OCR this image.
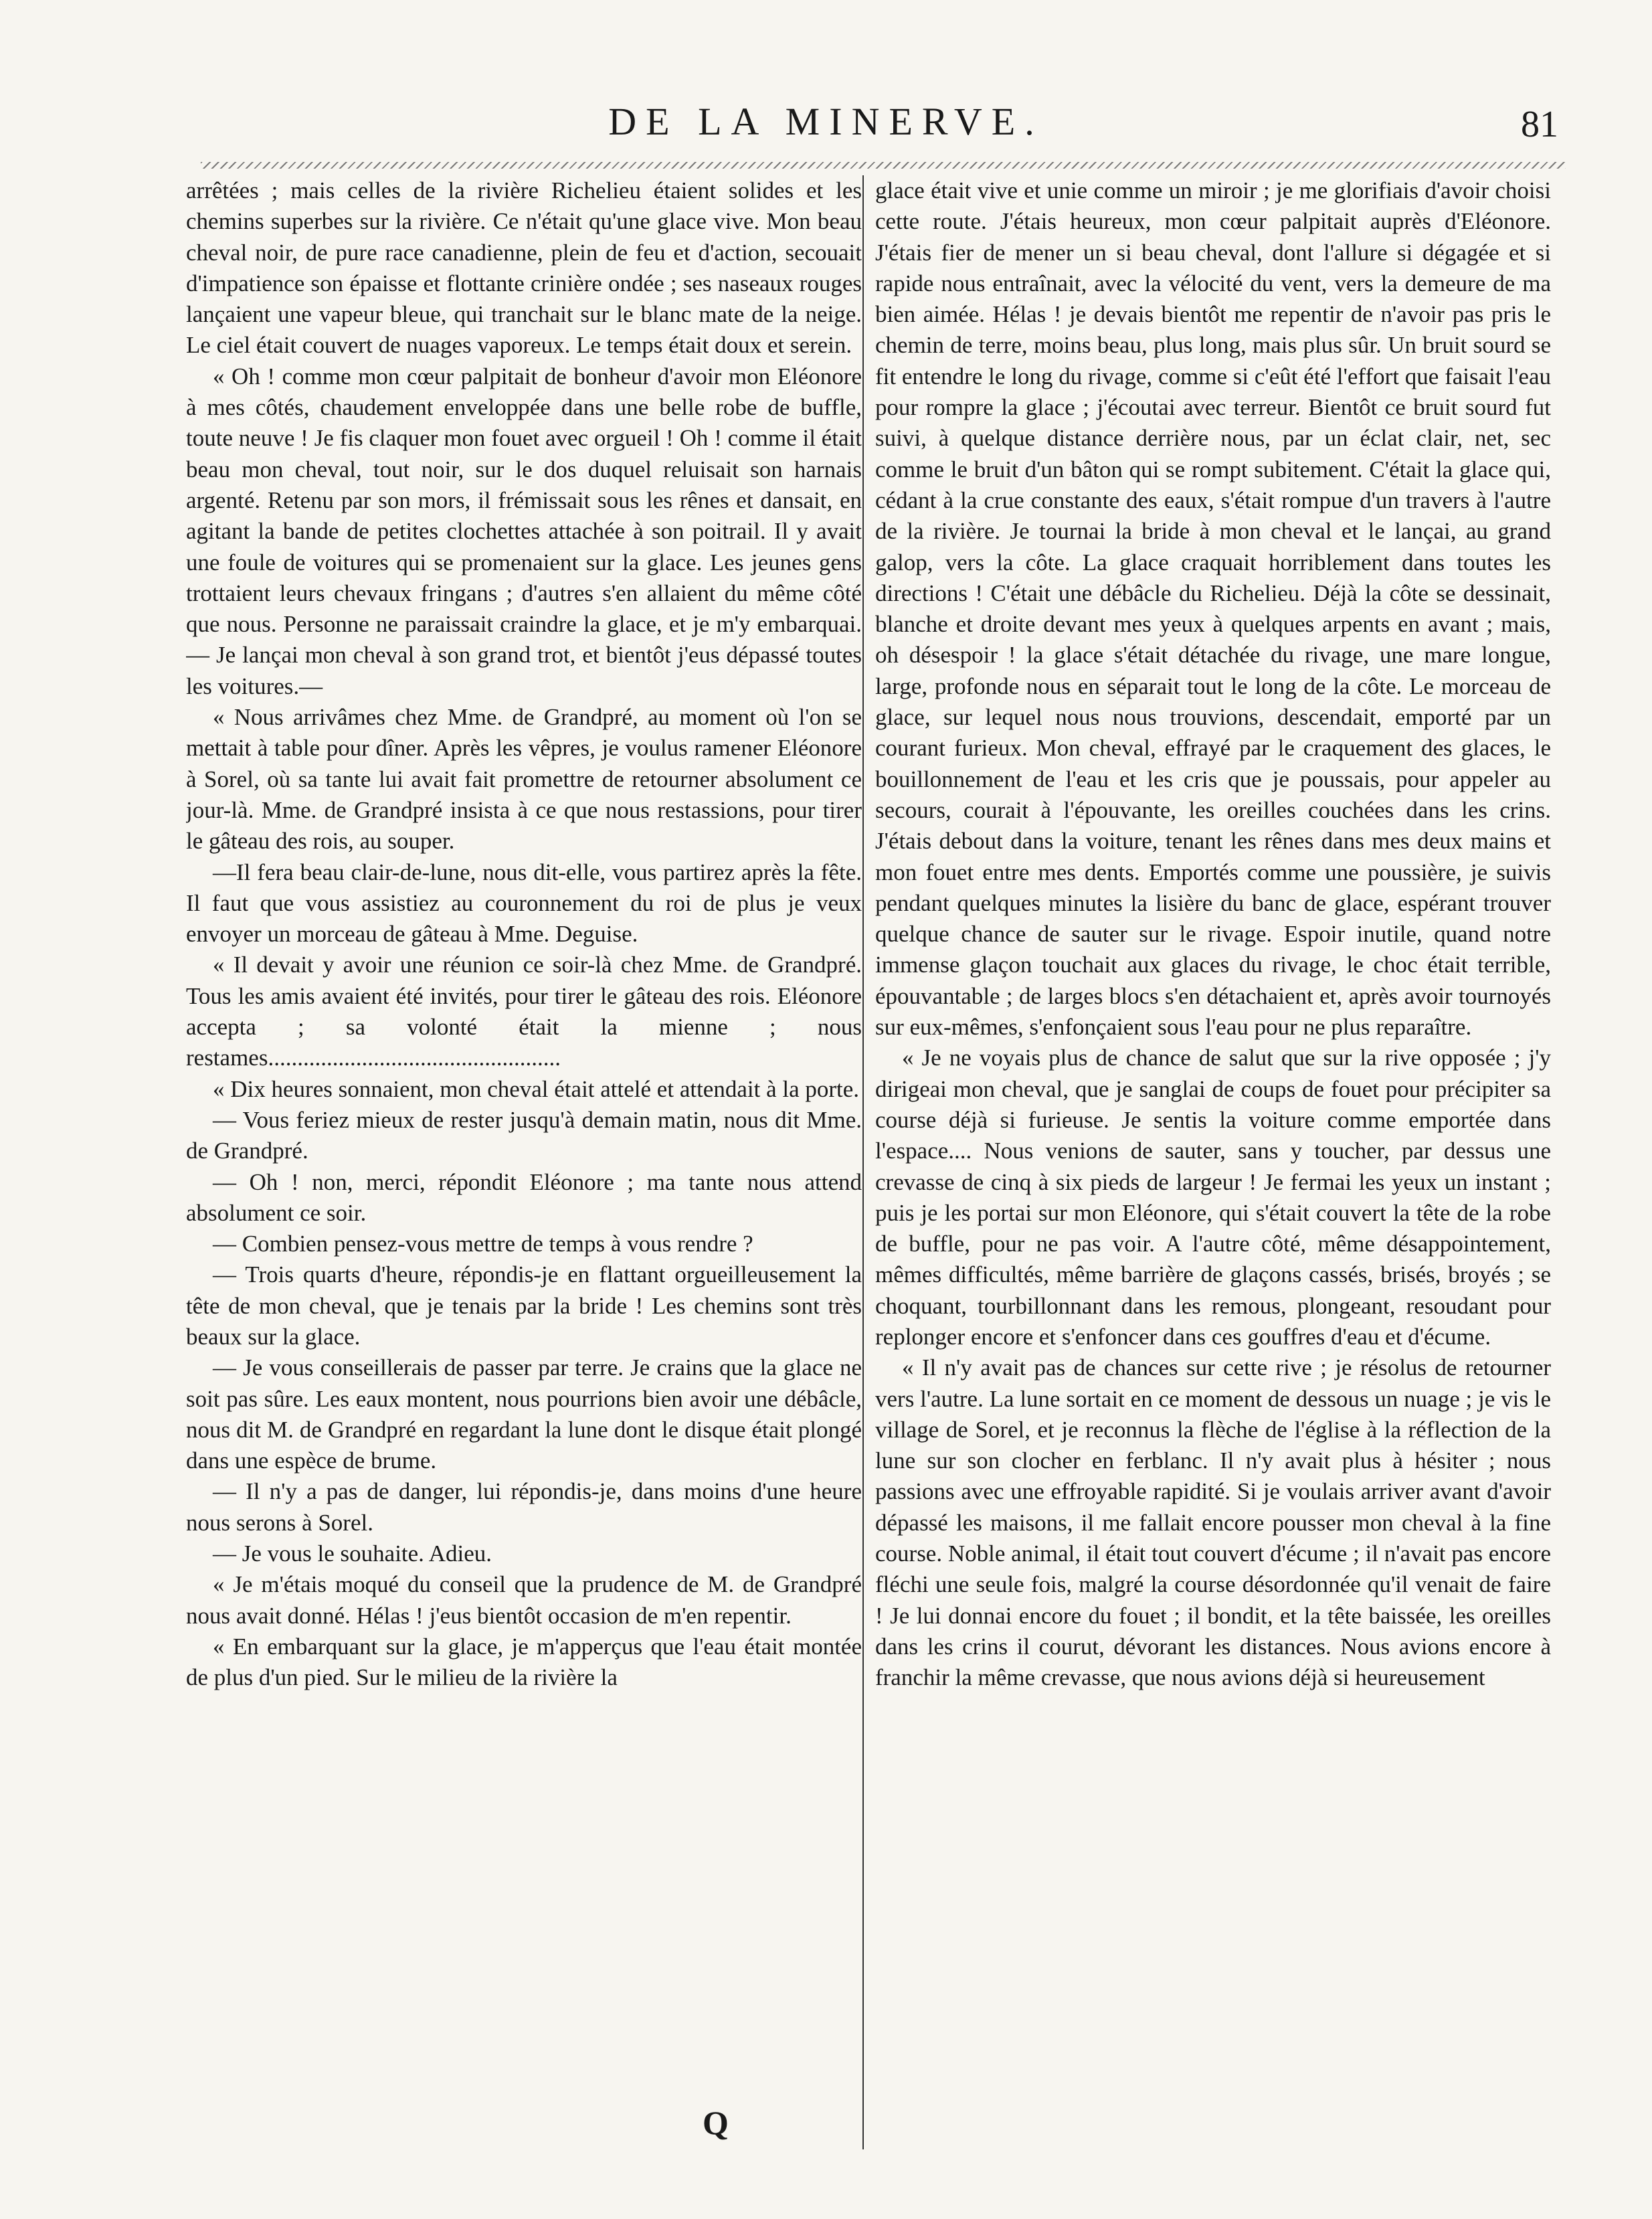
DE LA MINERVE.	81

arrêtées ; mais celles de la rivière Richelieu étaient solides et les chemins superbes sur la rivière. Ce n'était qu'une glace vive. Mon beau cheval noir, de pure race canadienne, plein de feu et d'action, secouait d'impatience son épaisse et flottante crinière ondée ; ses naseaux rouges lançaient une vapeur bleue, qui tranchait sur le blanc mate de la neige. Le ciel était couvert de nuages vaporeux. Le temps était doux et serein.

« Oh ! comme mon cœur palpitait de bonheur d'avoir mon Eléonore à mes côtés, chaudement enveloppée dans une belle robe de buffle, toute neuve ! Je fis claquer mon fouet avec orgueil ! Oh ! comme il était beau mon cheval, tout noir, sur le dos duquel reluisait son harnais argenté. Retenu par son mors, il frémissait sous les rênes et dansait, en agitant la bande de petites clochettes attachée à son poitrail. Il y avait une foule de voitures qui se promenaient sur la glace. Les jeunes gens trottaient leurs chevaux fringans ; d'autres s'en allaient du même côté que nous. Personne ne paraissait craindre la glace, et je m'y embarquai. — Je lançai mon cheval à son grand trot, et bientôt j'eus dépassé toutes les voitures.—

« Nous arrivâmes chez Mme. de Grandpré, au moment où l'on se mettait à table pour dîner. Après les vêpres, je voulus ramener Eléonore à Sorel, où sa tante lui avait fait promettre de retourner absolument ce jour-là. Mme. de Grandpré insista à ce que nous restassions, pour tirer le gâteau des rois, au souper.

—Il fera beau clair-de-lune, nous dit-elle, vous partirez après la fête. Il faut que vous assistiez au couronnement du roi de plus je veux envoyer un morceau de gâteau à Mme. Deguise.

« Il devait y avoir une réunion ce soir-là chez Mme. de Grandpré. Tous les amis avaient été invités, pour tirer le gâteau des rois. Eléonore accepta ; sa volonté était la mienne ; nous restames..................................................

« Dix heures sonnaient, mon cheval était attelé et attendait à la porte.

— Vous feriez mieux de rester jusqu'à demain matin, nous dit Mme. de Grandpré.

— Oh ! non, merci, répondit Eléonore ; ma tante nous attend absolument ce soir.

— Combien pensez-vous mettre de temps à vous rendre ?

— Trois quarts d'heure, répondis-je en flattant orgueilleusement la tête de mon cheval, que je tenais par la bride ! Les chemins sont très beaux sur la glace.

— Je vous conseillerais de passer par terre. Je crains que la glace ne soit pas sûre. Les eaux montent, nous pourrions bien avoir une débâcle, nous dit M. de Grandpré en regardant la lune dont le disque était plongé dans une espèce de brume.

— Il n'y a pas de danger, lui répondis-je, dans moins d'une heure nous serons à Sorel.

— Je vous le souhaite. Adieu.

« Je m'étais moqué du conseil que la prudence de M. de Grandpré nous avait donné. Hélas ! j'eus bientôt occasion de m'en repentir.

« En embarquant sur la glace, je m'apperçus que l'eau était montée de plus d'un pied. Sur le milieu de la rivière la

glace était vive et unie comme un miroir ; je me glorifiais d'avoir choisi cette route. J'étais heureux, mon cœur palpitait auprès d'Eléonore. J'étais fier de mener un si beau cheval, dont l'allure si dégagée et si rapide nous entraînait, avec la vélocité du vent, vers la demeure de ma bien aimée. Hélas ! je devais bientôt me repentir de n'avoir pas pris le chemin de terre, moins beau, plus long, mais plus sûr. Un bruit sourd se fit entendre le long du rivage, comme si c'eût été l'effort que faisait l'eau pour rompre la glace ; j'écoutai avec terreur. Bientôt ce bruit sourd fut suivi, à quelque distance derrière nous, par un éclat clair, net, sec comme le bruit d'un bâton qui se rompt subitement. C'était la glace qui, cédant à la crue constante des eaux, s'était rompue d'un travers à l'autre de la rivière. Je tournai la bride à mon cheval et le lançai, au grand galop, vers la côte. La glace craquait horriblement dans toutes les directions ! C'était une débâcle du Richelieu. Déjà la côte se dessinait, blanche et droite devant mes yeux à quelques arpents en avant ; mais, oh désespoir ! la glace s'était détachée du rivage, une mare longue, large, profonde nous en séparait tout le long de la côte. Le morceau de glace, sur lequel nous nous trouvions, descendait, emporté par un courant furieux. Mon cheval, effrayé par le craquement des glaces, le bouillonnement de l'eau et les cris que je poussais, pour appeler au secours, courait à l'épouvante, les oreilles couchées dans les crins. J'étais debout dans la voiture, tenant les rênes dans mes deux mains et mon fouet entre mes dents. Emportés comme une poussière, je suivis pendant quelques minutes la lisière du banc de glace, espérant trouver quelque chance de sauter sur le rivage. Espoir inutile, quand notre immense glaçon touchait aux glaces du rivage, le choc était terrible, épouvantable ; de larges blocs s'en détachaient et, après avoir tournoyés sur eux-mêmes, s'enfonçaient sous l'eau pour ne plus reparaître.

« Je ne voyais plus de chance de salut que sur la rive opposée ; j'y dirigeai mon cheval, que je sanglai de coups de fouet pour précipiter sa course déjà si furieuse. Je sentis la voiture comme emportée dans l'espace.... Nous venions de sauter, sans y toucher, par dessus une crevasse de cinq à six pieds de largeur ! Je fermai les yeux un instant ; puis je les portai sur mon Eléonore, qui s'était couvert la tête de la robe de buffle, pour ne pas voir. A l'autre côté, même désappointement, mêmes difficultés, même barrière de glaçons cassés, brisés, broyés ; se choquant, tourbillonnant dans les remous, plongeant, resoudant pour replonger encore et s'enfoncer dans ces gouffres d'eau et d'écume.

« Il n'y avait pas de chances sur cette rive ; je résolus de retourner vers l'autre. La lune sortait en ce moment de dessous un nuage ; je vis le village de Sorel, et je reconnus la flèche de l'église à la réflection de la lune sur son clocher en ferblanc. Il n'y avait plus à hésiter ; nous passions avec une effroyable rapidité. Si je voulais arriver avant d'avoir dépassé les maisons, il me fallait encore pousser mon cheval à la fine course. Noble animal, il était tout couvert d'écume ; il n'avait pas encore fléchi une seule fois, malgré la course désordonnée qu'il venait de faire ! Je lui donnai encore du fouet ; il bondit, et la tête baissée, les oreilles dans les crins il courut, dévorant les distances. Nous avions encore à franchir la même crevasse, que nous avions déjà si heureusement

Q
